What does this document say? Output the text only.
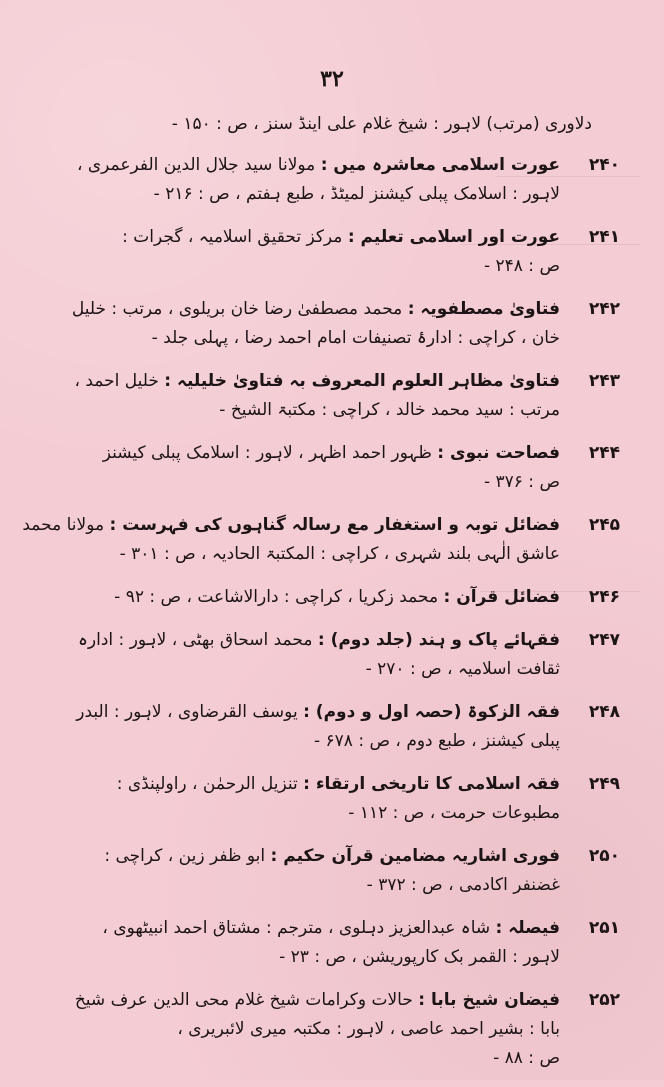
٣٢
دلاوری (مرتب) لاہور : شیخ غلام علی اینڈ سنز ، ص : ۱۵۰ -
۲۴۰
عورت اسلامی معاشرہ میں : مولانا سید جلال الدین الفرعمری ،
لاہور : اسلامک پبلی کیشنز لمیٹڈ ، طبع ہفتم ، ص : ۲۱۶ -
۲۴۱
عورت اور اسلامی تعلیم : مرکز تحقیق اسلامیہ ، گجرات :
ص : ۲۴۸ -
۲۴۲
فتاویٰ مصطفویہ : محمد مصطفیٰ رضا خان بریلوی ، مرتب : خلیل
خان ، کراچی : ادارۂ تصنیفات امام احمد رضا ، پہلی جلد -
۲۴۳
فتاویٰ مظاہر العلوم المعروف بہ فتاویٰ خلیلیہ : خلیل احمد ،
مرتب : سید محمد خالد ، کراچی : مکتبۃ الشیخ -
۲۴۴
فصاحت نبوی : ظہور احمد اظہر ، لاہور : اسلامک پبلی کیشنز
ص : ۳۷۶ -
۲۴۵
فضائل توبہ و استغفار مع رسالہ گناہوں کی فہرست : مولانا محمد
عاشق الٰہی بلند شہری ، کراچی : المکتبۃ الحادیہ ، ص : ۳۰۱ -
۲۴۶
فضائل قرآن : محمد زکریا ، کراچی : دارالاشاعت ، ص : ۹۲ -
۲۴۷
فقہائے پاک و ہند (جلد دوم) : محمد اسحاق بھٹی ، لاہور : ادارہ
ثقافت اسلامیہ ، ص : ۲۷۰ -
۲۴۸
فقہ الزکوۃ (حصہ اول و دوم) : یوسف القرضاوی ، لاہور : البدر
پبلی کیشنز ، طبع دوم ، ص : ۶۷۸ -
۲۴۹
فقہ اسلامی کا تاریخی ارتقاء : تنزیل الرحمٰن ، راولپنڈی :
مطبوعات حرمت ، ص : ۱۱۲ -
۲۵۰
فوری اشاریہ مضامین قرآن حکیم : ابو ظفر زین ، کراچی :
غضنفر اکادمی ، ص : ۳۷۲ -
۲۵۱
فیصلہ : شاہ عبدالعزیز دہلوی ، مترجم : مشتاق احمد انبیٹھوی ،
لاہور : القمر بک کارپوریشن ، ص : ۲۳ -
۲۵۲
فیضان شیخ بابا : حالات وکرامات شیخ غلام محی الدین عرف شیخ
بابا : بشیر احمد عاصی ، لاہور : مکتبہ میری لائبریری ،
ص : ۸۸ -
